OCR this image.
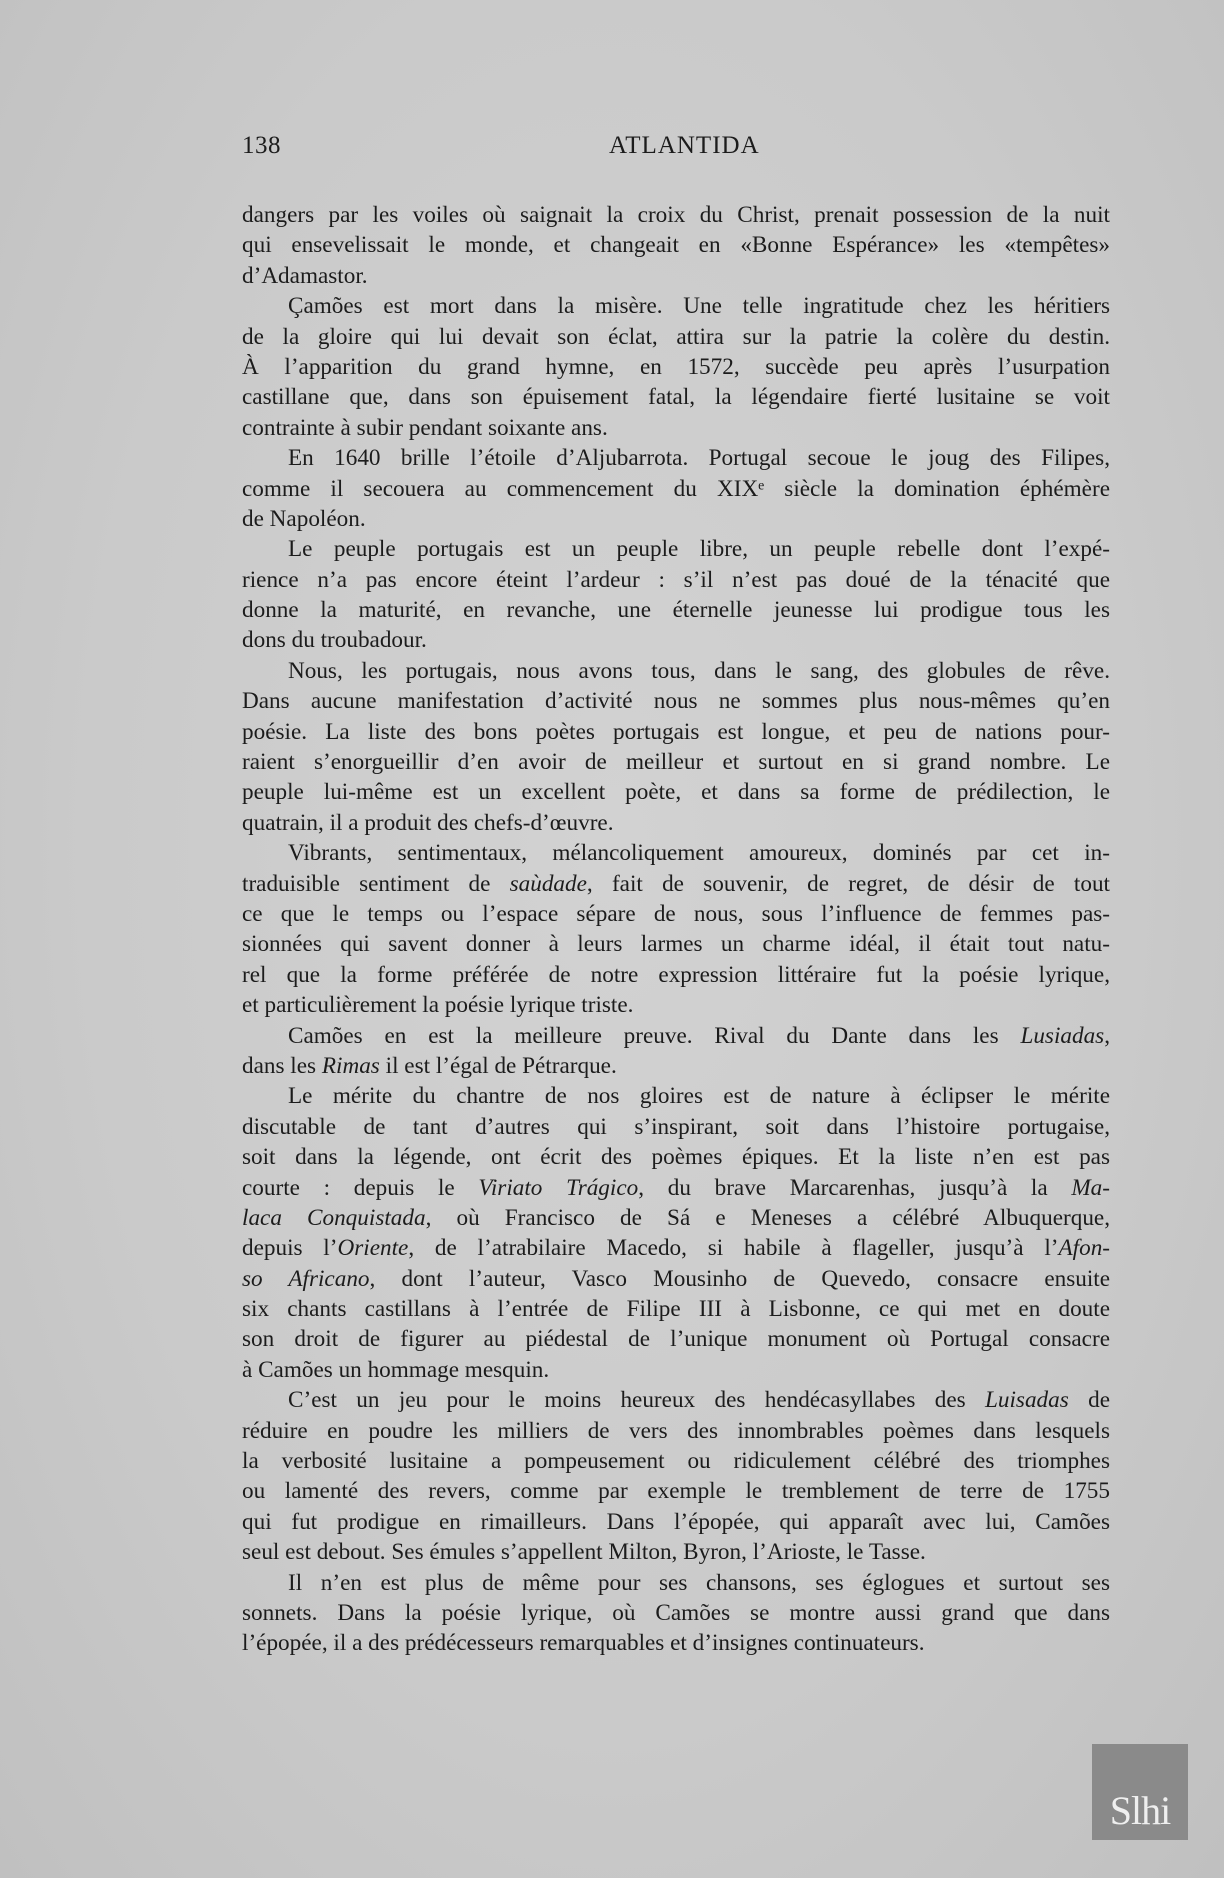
138	ATLANTIDA
dangers par les voiles où saignait la croix du Christ, prenait possession de la nuit
qui ensevelissait le monde, et changeait en «Bonne Espérance» les «tempêtes»
d’Adamastor.
Çamões est mort dans la misère. Une telle ingratitude chez les héritiers
de la gloire qui lui devait son éclat, attira sur la patrie la colère du destin.
À l’apparition du grand hymne, en 1572, succède peu après l’usurpation
castillane que, dans son épuisement fatal, la légendaire fierté lusitaine se voit
contrainte à subir pendant soixante ans.
En 1640 brille l’étoile d’Aljubarrota. Portugal secoue le joug des Filipes,
comme il secouera au commencement du XIXᵉ siècle la domination éphémère
de Napoléon.
Le peuple portugais est un peuple libre, un peuple rebelle dont l’expé-
rience n’a pas encore éteint l’ardeur : s’il n’est pas doué de la ténacité que
donne la maturité, en revanche, une éternelle jeunesse lui prodigue tous les
dons du troubadour.
Nous, les portugais, nous avons tous, dans le sang, des globules de rêve.
Dans aucune manifestation d’activité nous ne sommes plus nous-mêmes qu’en
poésie. La liste des bons poètes portugais est longue, et peu de nations pour-
raient s’enorgueillir d’en avoir de meilleur et surtout en si grand nombre. Le
peuple lui-même est un excellent poète, et dans sa forme de prédilection, le
quatrain, il a produit des chefs-d’œuvre.
Vibrants, sentimentaux, mélancoliquement amoureux, dominés par cet in-
traduisible sentiment de saùdade, fait de souvenir, de regret, de désir de tout
ce que le temps ou l’espace sépare de nous, sous l’influence de femmes pas-
sionnées qui savent donner à leurs larmes un charme idéal, il était tout natu-
rel que la forme préférée de notre expression littéraire fut la poésie lyrique,
et particulièrement la poésie lyrique triste.
Camões en est la meilleure preuve. Rival du Dante dans les Lusiadas,
dans les Rimas il est l’égal de Pétrarque.
Le mérite du chantre de nos gloires est de nature à éclipser le mérite
discutable de tant d’autres qui s’inspirant, soit dans l’histoire portugaise,
soit dans la légende, ont écrit des poèmes épiques. Et la liste n’en est pas
courte : depuis le Viriato Trágico, du brave Marcarenhas, jusqu’à la Ma-
laca Conquistada, où Francisco de Sá e Meneses a célébré Albuquerque,
depuis l’Oriente, de l’atrabilaire Macedo, si habile à flageller, jusqu’à l’Afon-
so Africano, dont l’auteur, Vasco Mousinho de Quevedo, consacre ensuite
six chants castillans à l’entrée de Filipe III à Lisbonne, ce qui met en doute
son droit de figurer au piédestal de l’unique monument où Portugal consacre
à Camões un hommage mesquin.
C’est un jeu pour le moins heureux des hendécasyllabes des Luisadas de
réduire en poudre les milliers de vers des innombrables poèmes dans lesquels
la verbosité lusitaine a pompeusement ou ridiculement célébré des triomphes
ou lamenté des revers, comme par exemple le tremblement de terre de 1755
qui fut prodigue en rimailleurs. Dans l’épopée, qui apparaît avec lui, Camões
seul est debout. Ses émules s’appellent Milton, Byron, l’Arioste, le Tasse.
Il n’en est plus de même pour ses chansons, ses églogues et surtout ses
sonnets. Dans la poésie lyrique, où Camões se montre aussi grand que dans
l’épopée, il a des prédécesseurs remarquables et d’insignes continuateurs.
Slhi
